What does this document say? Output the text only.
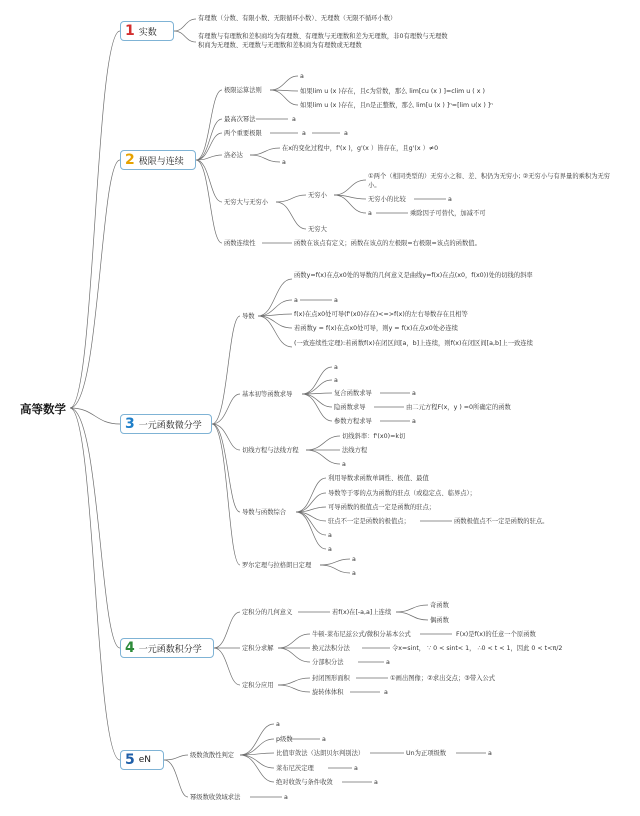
高等数学
1 实数
有理数（分数、有限小数、无限循环小数）、无理数（无限不循环小数）
有理数与有理数和差积商均为有理数、有理数与无理数和差为无理数，非0有理数与无理数积商为无理数、无理数与无理数和差积商为有理数或无理数
2 极限与连续
极限运算法则
a
如果lim u (x )存在，且c为常数，那么 lim[cu (x ) ]=clim u ( x )
如果lim u (x )存在，且n是正整数，那么 lim[u (x ) ]ⁿ=[lim u(x ) ]ⁿ
最高次幂法	a
两个重要极限	a	a
洛必达
在x的变化过程中，f'(x )，g'(x ）皆存在，且g'(x ）≠0
a
无穷大与无穷小
无穷小
①两个（相同类型的）无穷小之和、差、积仍为无穷小; ②无穷小与有界量的乘积为无穷小。
无穷小的比较	a
a	乘除因子可替代，加减不可
无穷大
函数连续性	函数在该点有定义；函数在该点的左极限=右极限=该点的函数值。
3 一元函数微分学
导数
函数y=f(x)在点x0处的导数的几何意义是曲线y=f(x)在点(x0，f(x0))处的切线的斜率
a	a
f(x)在点x0处可导(f'(x0)存在)<=>f(x)的左右导数存在且相等
若函数y = f(x)在点x0处可导，则y = f(x)在点x0处必连续
(一致连续性定理):若函数f(x)在闭区间[a，b]上连续，则f(x)在闭区间[a,b]上一致连续
基本初等函数求导
a
a
复合函数求导	a
隐函数求导	由二元方程F(x，y ) =0所确定的函数
参数方程求导	a
切线方程与法线方程
切线斜率：f'(x0)=k切
法线方程
a
导数与函数综合
利用导数求函数单调性、极值、最值
导数等于零的点为函数的驻点（或稳定点、临界点）；
可导函数的极值点一定是函数的驻点；
驻点不一定是函数的极值点；	函数极值点不一定是函数的驻点。
a
a
罗尔定理与拉格朗日定理
a
a
4 一元函数积分学
定积分的几何意义	若f(x)在[-a,a]上连续
奇函数
偶函数
定积分求解
牛顿-莱布尼兹公式/微积分基本公式	F(x)是f(x)的任意一个原函数
换元法积分法	令x=sint， ∵ 0 < sint< 1， ∴0 < t < 1，因此 0 < t<π/2
分部积分法	a
定积分应用
封闭图形面积	①画出图像；②求出交点；③带入公式
旋转体体积	a
5 eN	级数敛散性判定
a
p级数	a
比值审敛法（达朗贝尔判别法）	Un为正项级数	a
莱布尼茨定理	a
绝对收敛与条件收敛	a
幂级数收敛域求法	a
